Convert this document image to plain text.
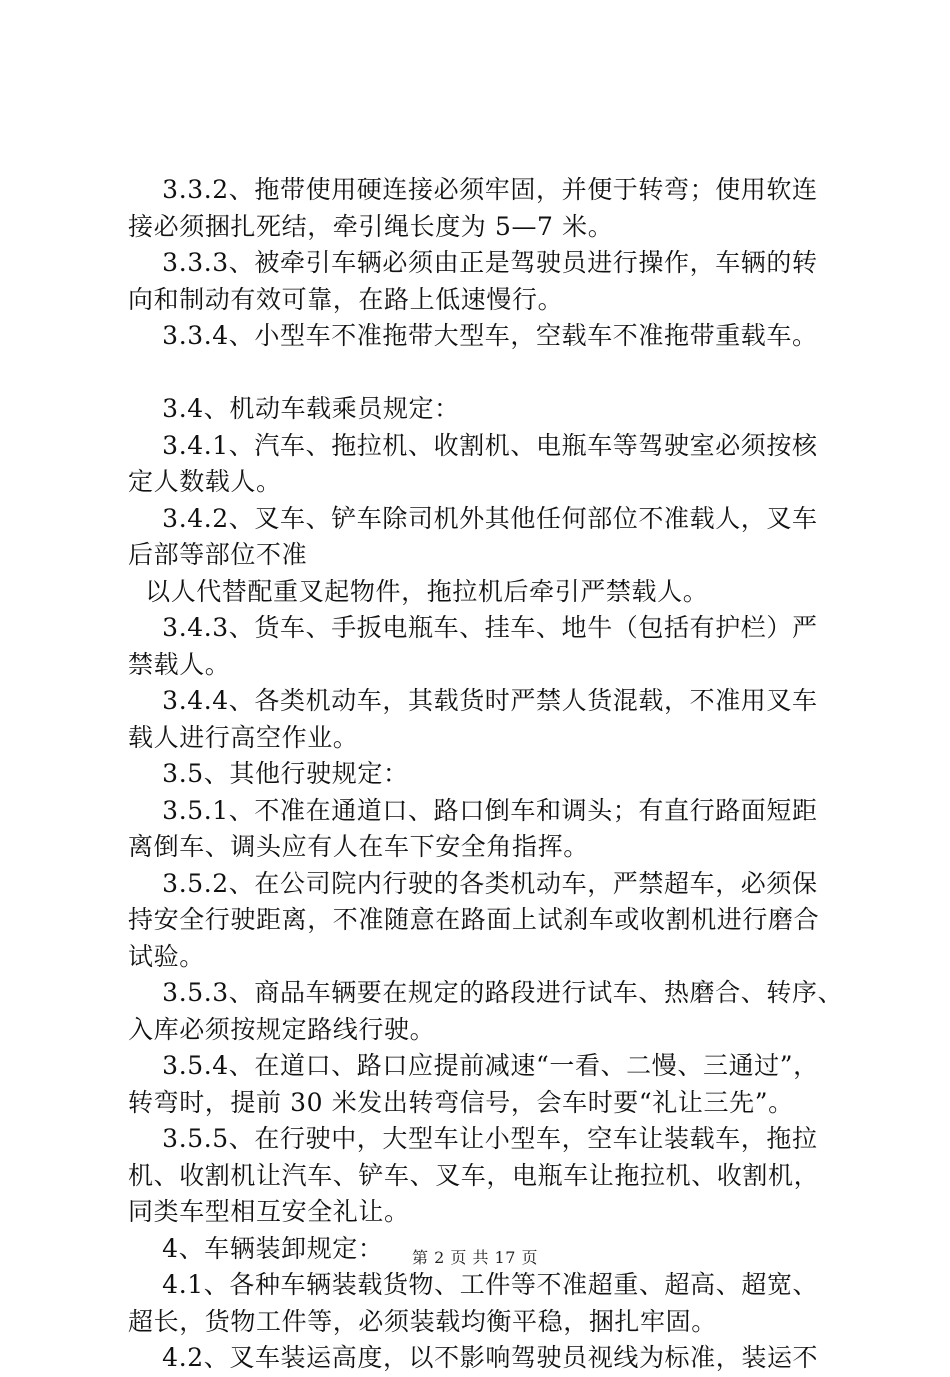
3.3.2、拖带使用硬连接必须牢固，并便于转弯；使用软连
接必须捆扎死结，牵引绳长度为 5—7 米。
3.3.3、被牵引车辆必须由正是驾驶员进行操作，车辆的转
向和制动有效可靠，在路上低速慢行。
3.3.4、小型车不准拖带大型车，空载车不准拖带重载车。
3.4、机动车载乘员规定：
3.4.1、汽车、拖拉机、收割机、电瓶车等驾驶室必须按核
定人数载人。
3.4.2、叉车、铲车除司机外其他任何部位不准载人，叉车
后部等部位不准
以人代替配重叉起物件，拖拉机后牵引严禁载人。
3.4.3、货车、手扳电瓶车、挂车、地牛（包括有护栏）严
禁载人。
3.4.4、各类机动车，其载货时严禁人货混载，不准用叉车
载人进行高空作业。
3.5、其他行驶规定：
3.5.1、不准在通道口、路口倒车和调头；有直行路面短距
离倒车、调头应有人在车下安全角指挥。
3.5.2、在公司院内行驶的各类机动车，严禁超车，必须保
持安全行驶距离，不准随意在路面上试刹车或收割机进行磨合
试验。
3.5.3、商品车辆要在规定的路段进行试车、热磨合、转序、
入库必须按规定路线行驶。
3.5.4、在道口、路口应提前减速“一看、二慢、三通过”，
转弯时，提前 30 米发出转弯信号，会车时要“礼让三先”。
3.5.5、在行驶中，大型车让小型车，空车让装载车，拖拉
机、收割机让汽车、铲车、叉车，电瓶车让拖拉机、收割机，
同类车型相互安全礼让。
4、车辆装卸规定：
4.1、各种车辆装载货物、工件等不准超重、超高、超宽、
超长，货物工件等，必须装载均衡平稳，捆扎牢固。
4.2、叉车装运高度，以不影响驾驶员视线为标准，装运不
第 2 页 共 17 页
